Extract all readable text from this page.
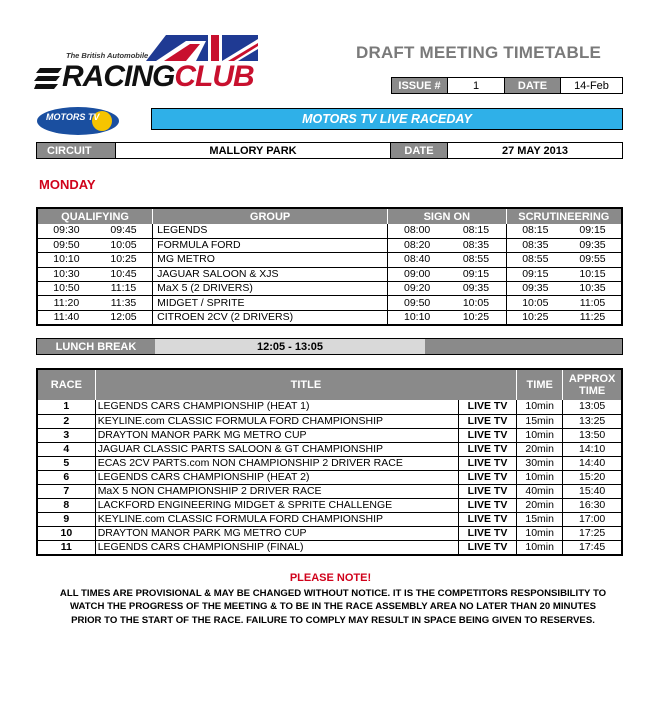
The British Automobile
RACINGCLUB
DRAFT MEETING TIMETABLE
ISSUE #	1	DATE	14-Feb
MOTORS TV	MOTORS TV LIVE RACEDAY
CIRCUIT	MALLORY PARK	DATE	27 MAY 2013
MONDAY
QUALIFYING		GROUP	SIGN ON		SCRUTINEERING	
09:30	09:45	LEGENDS	08:00	08:15	08:15	09:15
09:50	10:05	FORMULA FORD	08:20	08:35	08:35	09:35
10:10	10:25	MG METRO	08:40	08:55	08:55	09:55
10:30	10:45	JAGUAR SALOON & XJS	09:00	09:15	09:15	10:15
10:50	11:15	MaX 5 (2 DRIVERS)	09:20	09:35	09:35	10:35
11:20	11:35	MIDGET / SPRITE	09:50	10:05	10:05	11:05
11:40	12:05	CITROEN 2CV (2 DRIVERS)	10:10	10:25	10:25	11:25
LUNCH BREAK	12:05 - 13:05
RACE	TITLE		TIME	APPROX TIME
1	LEGENDS CARS CHAMPIONSHIP (HEAT 1)	LIVE TV	10min	13:05
2	KEYLINE.com CLASSIC FORMULA FORD CHAMPIONSHIP	LIVE TV	15min	13:25
3	DRAYTON MANOR PARK MG METRO CUP	LIVE TV	10min	13:50
4	JAGUAR CLASSIC PARTS SALOON & GT CHAMPIONSHIP	LIVE TV	20min	14:10
5	ECAS 2CV PARTS.com NON CHAMPIONSHIP 2 DRIVER RACE	LIVE TV	30min	14:40
6	LEGENDS CARS CHAMPIONSHIP (HEAT 2)	LIVE TV	10min	15:20
7	MaX 5 NON CHAMPIONSHIP 2 DRIVER RACE	LIVE TV	40min	15:40
8	LACKFORD ENGINEERING MIDGET & SPRITE CHALLENGE	LIVE TV	20min	16:30
9	KEYLINE.com CLASSIC FORMULA FORD CHAMPIONSHIP	LIVE TV	15min	17:00
10	DRAYTON MANOR PARK MG METRO CUP	LIVE TV	10min	17:25
11	LEGENDS CARS CHAMPIONSHIP (FINAL)	LIVE TV	10min	17:45
PLEASE NOTE!
ALL TIMES ARE PROVISIONAL & MAY BE CHANGED WITHOUT NOTICE. IT IS THE COMPETITORS RESPONSIBILITY TO
WATCH THE PROGRESS OF THE MEETING & TO BE IN THE RACE ASSEMBLY AREA NO LATER THAN 20 MINUTES
PRIOR TO THE START OF THE RACE. FAILURE TO COMPLY MAY RESULT IN SPACE BEING GIVEN TO RESERVES.
